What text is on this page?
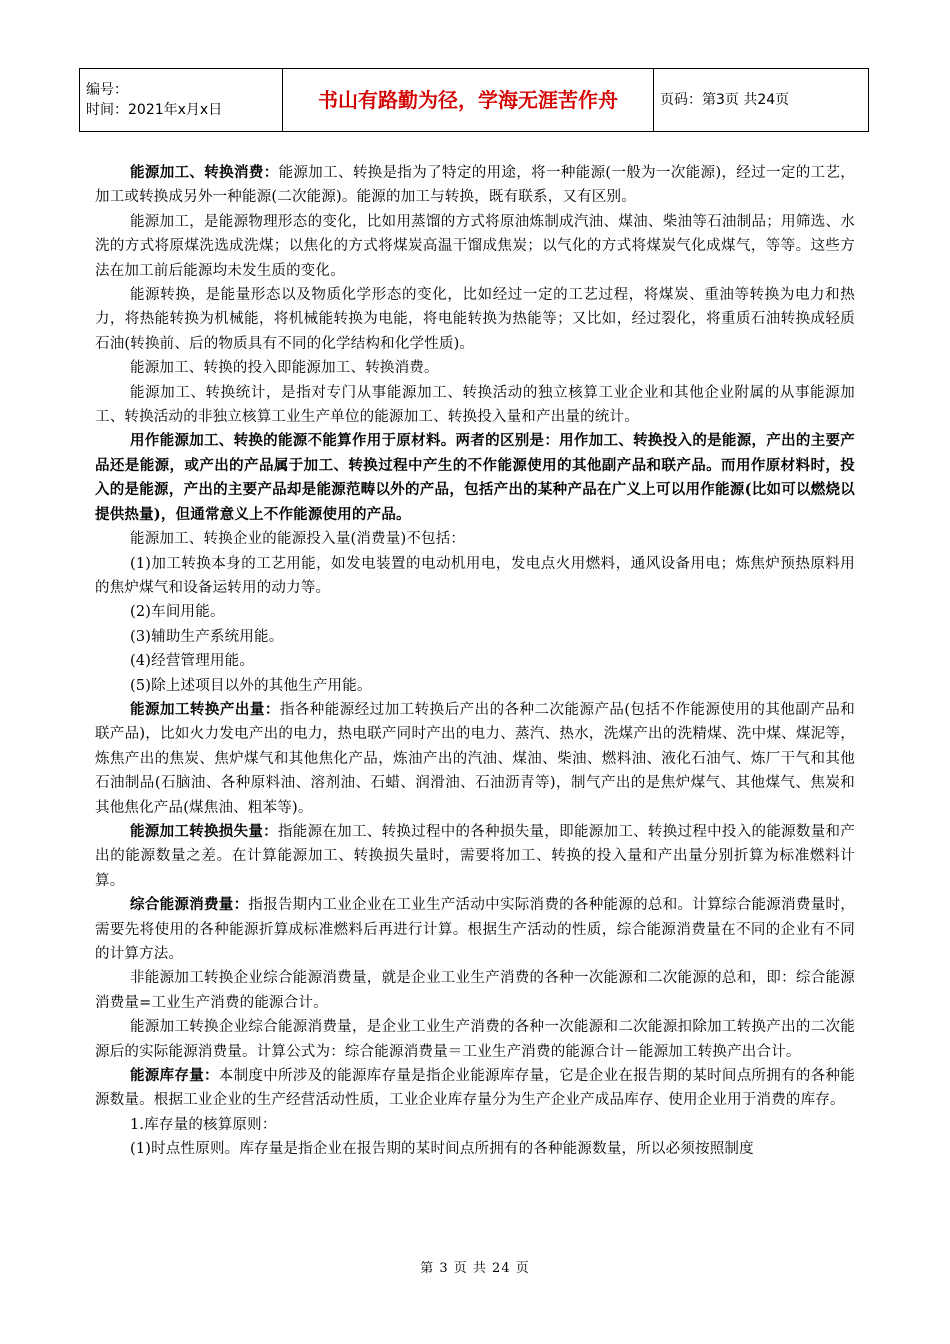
编号：
时间：2021年x月x日	书山有路勤为径，学海无涯苦作舟	页码：第3页 共24页

能源加工、转换消费：能源加工、转换是指为了特定的用途，将一种能源(一般为一次能源)，经过一定的工艺，加工或转换成另外一种能源(二次能源)。能源的加工与转换，既有联系，又有区别。

能源加工，是能源物理形态的变化，比如用蒸馏的方式将原油炼制成汽油、煤油、柴油等石油制品；用筛选、水洗的方式将原煤洗选成洗煤；以焦化的方式将煤炭高温干馏成焦炭；以气化的方式将煤炭气化成煤气，等等。这些方法在加工前后能源均未发生质的变化。

能源转换，是能量形态以及物质化学形态的变化，比如经过一定的工艺过程，将煤炭、重油等转换为电力和热力，将热能转换为机械能，将机械能转换为电能，将电能转换为热能等；又比如，经过裂化，将重质石油转换成轻质石油(转换前、后的物质具有不同的化学结构和化学性质)。

能源加工、转换的投入即能源加工、转换消费。

能源加工、转换统计，是指对专门从事能源加工、转换活动的独立核算工业企业和其他企业附属的从事能源加工、转换活动的非独立核算工业生产单位的能源加工、转换投入量和产出量的统计。

用作能源加工、转换的能源不能算作用于原材料。两者的区别是：用作加工、转换投入的是能源，产出的主要产品还是能源，或产出的产品属于加工、转换过程中产生的不作能源使用的其他副产品和联产品。而用作原材料时，投入的是能源，产出的主要产品却是能源范畴以外的产品，包括产出的某种产品在广义上可以用作能源(比如可以燃烧以提供热量)，但通常意义上不作能源使用的产品。

能源加工、转换企业的能源投入量(消费量)不包括：

(1)加工转换本身的工艺用能，如发电装置的电动机用电，发电点火用燃料，通风设备用电；炼焦炉预热原料用的焦炉煤气和设备运转用的动力等。

(2)车间用能。

(3)辅助生产系统用能。

(4)经营管理用能。

(5)除上述项目以外的其他生产用能。

能源加工转换产出量：指各种能源经过加工转换后产出的各种二次能源产品(包括不作能源使用的其他副产品和联产品)，比如火力发电产出的电力，热电联产同时产出的电力、蒸汽、热水，洗煤产出的洗精煤、洗中煤、煤泥等，炼焦产出的焦炭、焦炉煤气和其他焦化产品，炼油产出的汽油、煤油、柴油、燃料油、液化石油气、炼厂干气和其他石油制品(石脑油、各种原料油、溶剂油、石蜡、润滑油、石油沥青等)，制气产出的是焦炉煤气、其他煤气、焦炭和其他焦化产品(煤焦油、粗苯等)。

能源加工转换损失量：指能源在加工、转换过程中的各种损失量，即能源加工、转换过程中投入的能源数量和产出的能源数量之差。在计算能源加工、转换损失量时，需要将加工、转换的投入量和产出量分别折算为标准燃料计算。

综合能源消费量：指报告期内工业企业在工业生产活动中实际消费的各种能源的总和。计算综合能源消费量时，需要先将使用的各种能源折算成标准燃料后再进行计算。根据生产活动的性质，综合能源消费量在不同的企业有不同的计算方法。

非能源加工转换企业综合能源消费量，就是企业工业生产消费的各种一次能源和二次能源的总和，即：综合能源消费量=工业生产消费的能源合计。

能源加工转换企业综合能源消费量，是企业工业生产消费的各种一次能源和二次能源扣除加工转换产出的二次能源后的实际能源消费量。计算公式为：综合能源消费量＝工业生产消费的能源合计－能源加工转换产出合计。

能源库存量：本制度中所涉及的能源库存量是指企业能源库存量，它是企业在报告期的某时间点所拥有的各种能源数量。根据工业企业的生产经营活动性质，工业企业库存量分为生产企业产成品库存、使用企业用于消费的库存。

1.库存量的核算原则：

(1)时点性原则。库存量是指企业在报告期的某时间点所拥有的各种能源数量，所以必须按照制度

第 3 页 共 24 页
